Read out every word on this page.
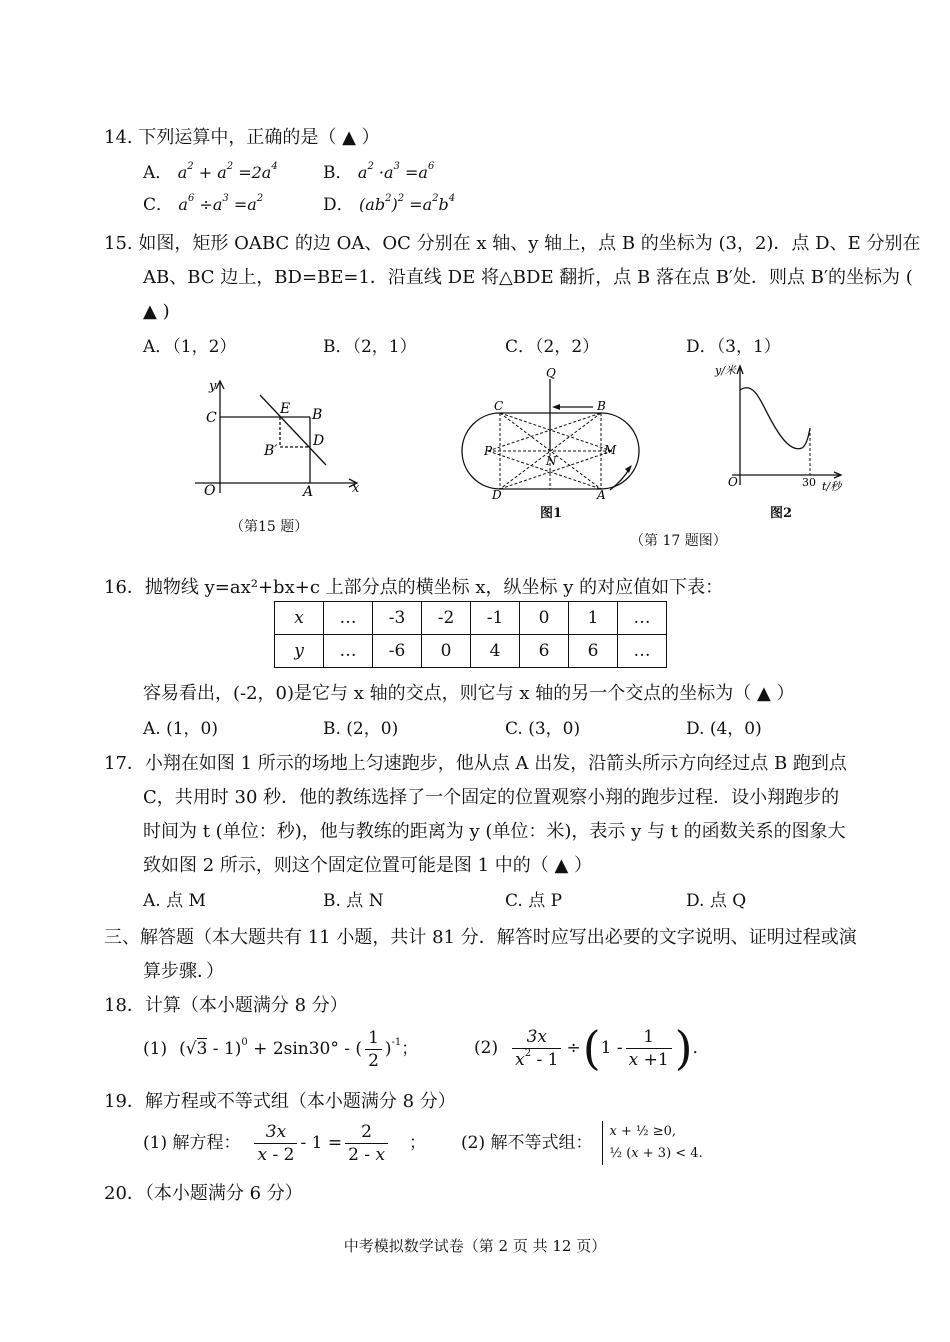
14. 下列运算中，正确的是（ ▲ ）
A． $a^2 + a^2 =2a^4$	B． $a^2 \cdot a^3 =a^6$
C． $a^6 \div a^3 =a^2$	D． $(ab^2)^2 =a^2b^4$
15. 如图，矩形 OABC 的边 OA、OC 分别在 x 轴、y 轴上，点 B 的坐标为 (3，2)．点 D、E 分别在
AB、BC 边上，BD=BE=1．沿直线 DE 将△BDE 翻折，点 B 落在点 B′处．则点 B′的坐标为 (
▲ )
A．（1，2）	B．（2，1）	C．（2，2）	D．（3，1）
y
C
E B
D
B′
O	A	x
（第15 题）
Q
C	B
P	M
N
D	A
图1
y/米
O	30 t/秒
图2
（第 17 题图）
16．抛物线 y=ax²+bx+c 上部分点的横坐标 x，纵坐标 y 的对应值如下表：
x	…	-3	-2	-1	0	1	…
y	…	-6	0	4	6	6	…
容易看出，(-2，0)是它与 x 轴的交点，则它与 x 轴的另一个交点的坐标为（ ▲ ）
A. (1，0)	B. (2，0)	C. (3，0)	D. (4，0)
17．小翔在如图 1 所示的场地上匀速跑步，他从点 A 出发，沿箭头所示方向经过点 B 跑到点
C，共用时 30 秒．他的教练选择了一个固定的位置观察小翔的跑步过程．设小翔跑步的
时间为 t (单位：秒)，他与教练的距离为 y (单位：米)，表示 y 与 t 的函数关系的图象大
致如图 2 所示，则这个固定位置可能是图 1 中的（ ▲ ）
A. 点 M	B. 点 N	C. 点 P	D. 点 Q
三、解答题（本大题共有 11 小题，共计 81 分．解答时应写出必要的文字说明、证明过程或演
算步骤．）
18．计算（本小题满分 8 分）
(1) (√3 - 1)$^0$ + 2sin30° - ( $\frac{1}{2} )^{-1}$；	$(2) \frac{3x}{x^2 - 1}$ ÷ ( $1 - \frac{1}{x +1}$ ) ．
19．解方程或不等式组（本小题满分 8 分）
(1) 解方程： $\frac{3x}{x - 2} - 1 = \frac{2}{2 - x}$ ； (2) 解不等式组：
x + ½ ≥0,
½ (x + 3) < 4.
20．（本小题满分 6 分）
中考模拟数学试卷（第 2 页 共 12 页）
